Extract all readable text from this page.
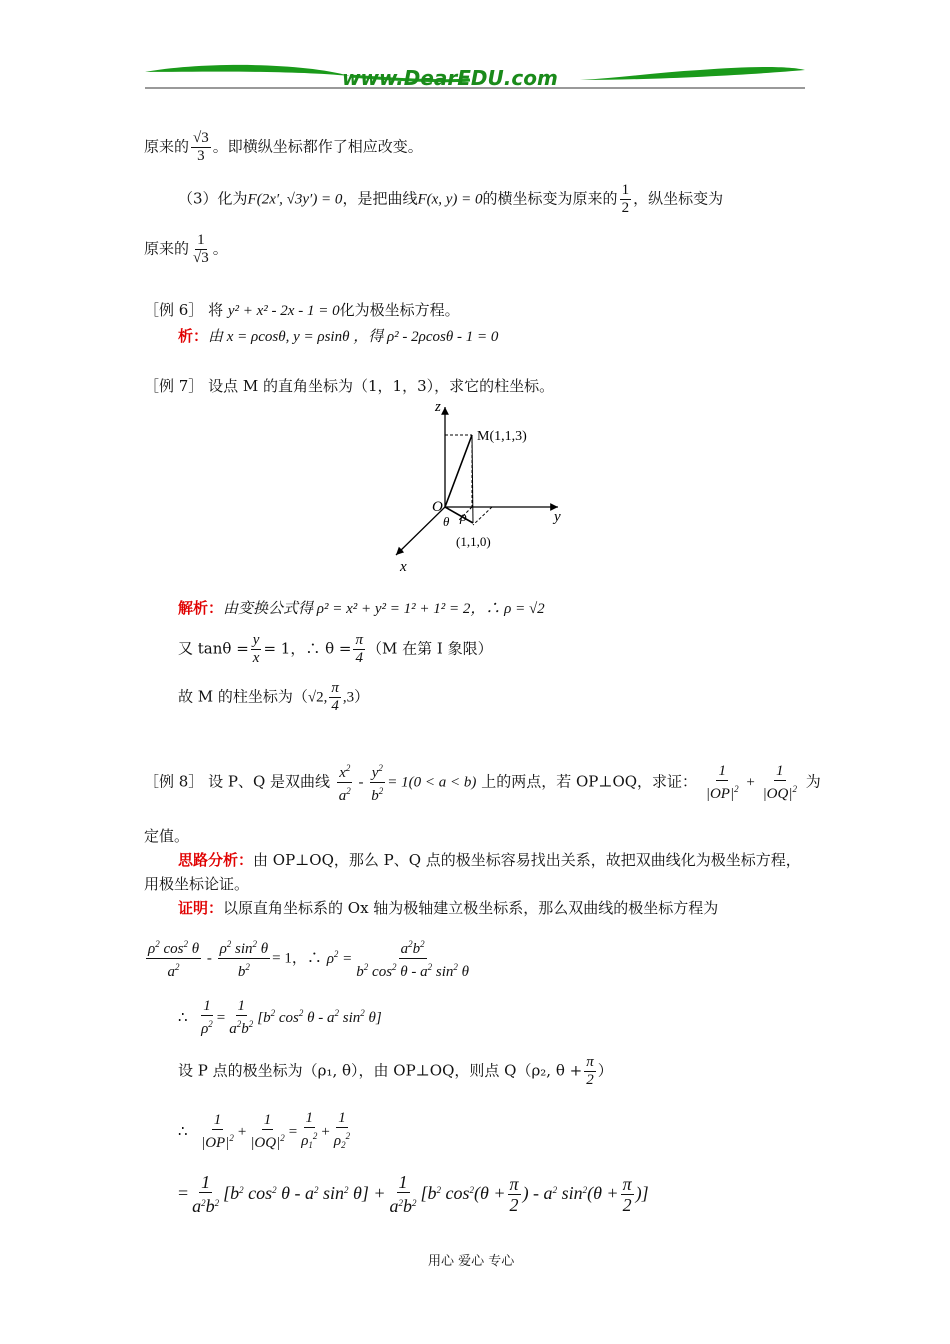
www.DearEDU.com
原来的 $\frac{√3}{3}$ 。即横纵坐标都作了相应改变。
（3）化为F(2x′, √3y′) = 0，是把曲线F(x, y) = 0的横坐标变为原来的 $\frac{1}{2}$ ，纵坐标变为
原来的 $\frac{1}{√3}$ 。
［例 6］ 将 y² + x² - 2x - 1 = 0化为极坐标方程。
析：由 x = ρcosθ, y = ρsinθ ，得 ρ² - 2ρcosθ - 1 = 0
［例 7］ 设点 M 的直角坐标为（1，1，3），求它的柱坐标。
z
y
x
O
M(1,1,3)
ρ
θ
(1,1,0)
解析：由变换公式得 ρ² = x² + y² = 1² + 1² = 2，∴ ρ = √2
又 $\tan\theta = \frac{y}{x} = 1$，∴ $\theta = \frac{\pi}{4} (M$ 在第 I 象限）
故 M 的柱坐标为（√2, $\frac{\pi}{4} ,3$）
［例 8］ 设 P、Q 是双曲线 $\frac{x^2}{a^2} - \frac{y^2}{b^2} = 1(0 < a < b)$ 上的两点，若 OP⊥OQ，求证： $\frac{1}{|OP|^2} + \frac{1}{|OQ|^2}$ 为
定值。
思路分析：由 OP⊥OQ，那么 P、Q 点的极坐标容易找出关系，故把双曲线化为极坐标方程，
用极坐标论证。
证明：以原直角坐标系的 Ox 轴为极轴建立极坐标系，那么双曲线的极坐标方程为
$\frac{\rho^2 \cos^2 \theta}{a^2} - \frac{\rho^2 \sin^2 \theta}{b^2} = 1$，∴ $\rho^2 = \frac{a^2b^2}{b^2 \cos^2 \theta - a^2 \sin^2 \theta}$
∴ $\frac{1}{\rho^2} = \frac{1}{a^2b^2} [b^2$ $\cos^2 \theta - a^2$ $\sin^2 \theta$]
设 P 点的极坐标为（ρ₁, θ），由 OP⊥OQ，则点 Q（ρ₂, $\theta + \frac{\pi}{2}$ ）
∴ $\frac{1}{|OP|^2} + \frac{1}{|OQ|^2} = \frac{1}{\rho_1^2} + \frac{1}{\rho_2^2}$
= $\frac{1}{a^2b^2} [b^2$ $\cos^2 \theta - a^2$ $\sin^2 \theta] + \frac{1}{a^2b^2} [b^2$ $\cos^2(\theta + \frac{\pi}{2}$ ) - $a^2$ $\sin^2(\theta + \frac{\pi}{2}$ )]
用心 爱心 专心
